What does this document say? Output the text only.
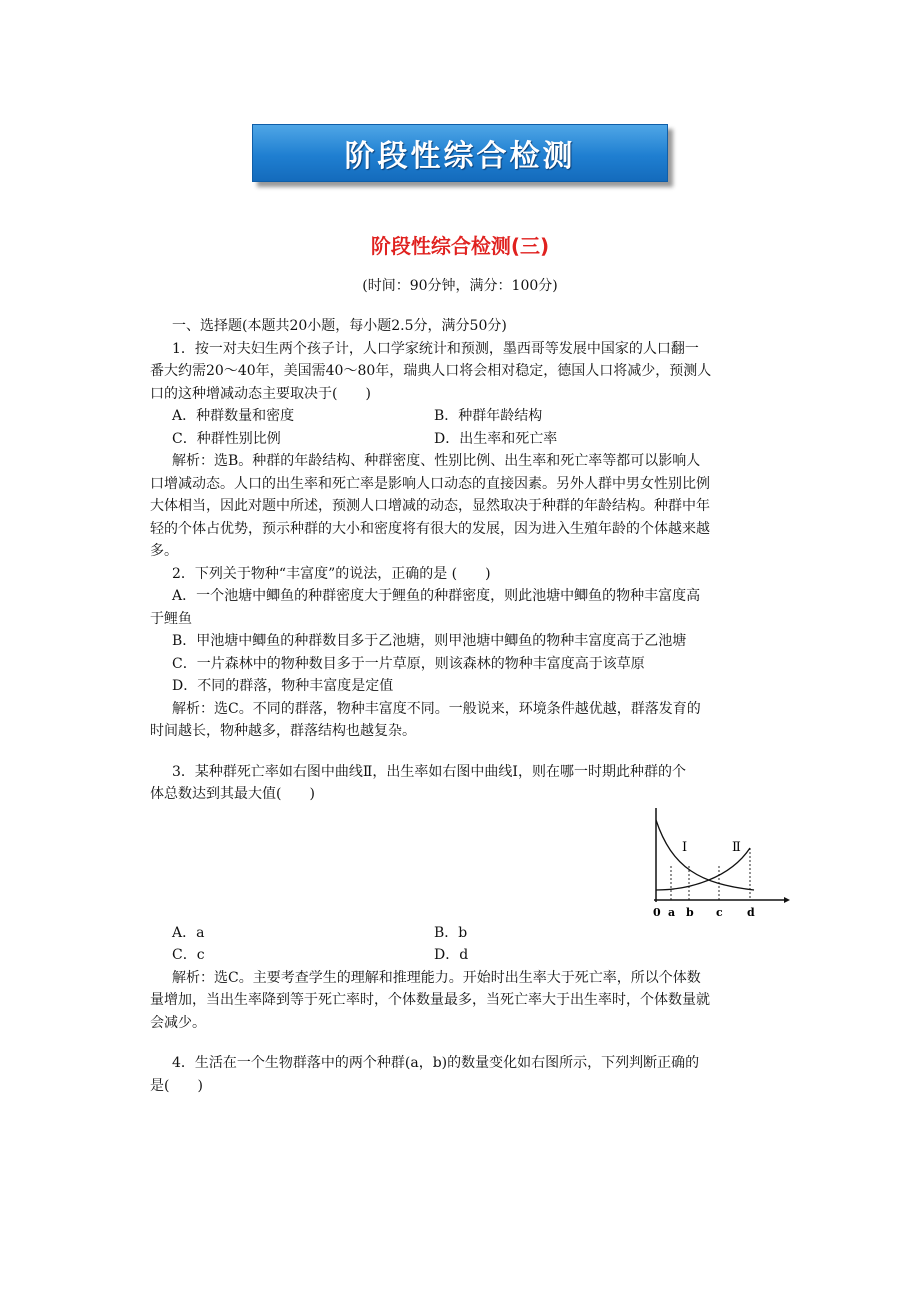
阶段性综合检测
阶段性综合检测(三)
(时间：90分钟，满分：100分)

一、选择题(本题共20小题，每小题2.5分，满分50分)

1．按一对夫妇生两个孩子计，人口学家统计和预测，墨西哥等发展中国家的人口翻一

番大约需20～40年，美国需40～80年，瑞典人口将会相对稳定，德国人口将减少，预测人

口的这种增减动态主要取决于(　　)

A．种群数量和密度	B．种群年龄结构
C．种群性别比例	D．出生率和死亡率

解析：选B。种群的年龄结构、种群密度、性别比例、出生率和死亡率等都可以影响人

口增减动态。人口的出生率和死亡率是影响人口动态的直接因素。另外人群中男女性别比例

大体相当，因此对题中所述，预测人口增减的动态，显然取决于种群的年龄结构。种群中年

轻的个体占优势，预示种群的大小和密度将有很大的发展，因为进入生殖年龄的个体越来越

多。

2．下列关于物种“丰富度”的说法，正确的是 (　　)

A．一个池塘中鲫鱼的种群密度大于鲤鱼的种群密度，则此池塘中鲫鱼的物种丰富度高

于鲤鱼

B．甲池塘中鲫鱼的种群数目多于乙池塘，则甲池塘中鲫鱼的物种丰富度高于乙池塘

C．一片森林中的物种数目多于一片草原，则该森林的物种丰富度高于该草原

D．不同的群落，物种丰富度是定值

解析：选C。不同的群落，物种丰富度不同。一般说来，环境条件越优越，群落发育的

时间越长，物种越多，群落结构也越复杂。

3．某种群死亡率如右图中曲线Ⅱ，出生率如右图中曲线Ⅰ，则在哪一时期此种群的个

体总数达到其最大值(　　)

Ⅰ	Ⅱ
0 a b c d
A．a	B．b
C．c	D．d

解析：选C。主要考查学生的理解和推理能力。开始时出生率大于死亡率，所以个体数

量增加，当出生率降到等于死亡率时，个体数量最多，当死亡率大于出生率时，个体数量就

会减少。

4．生活在一个生物群落中的两个种群(a，b)的数量变化如右图所示，下列判断正确的

是(　　)
